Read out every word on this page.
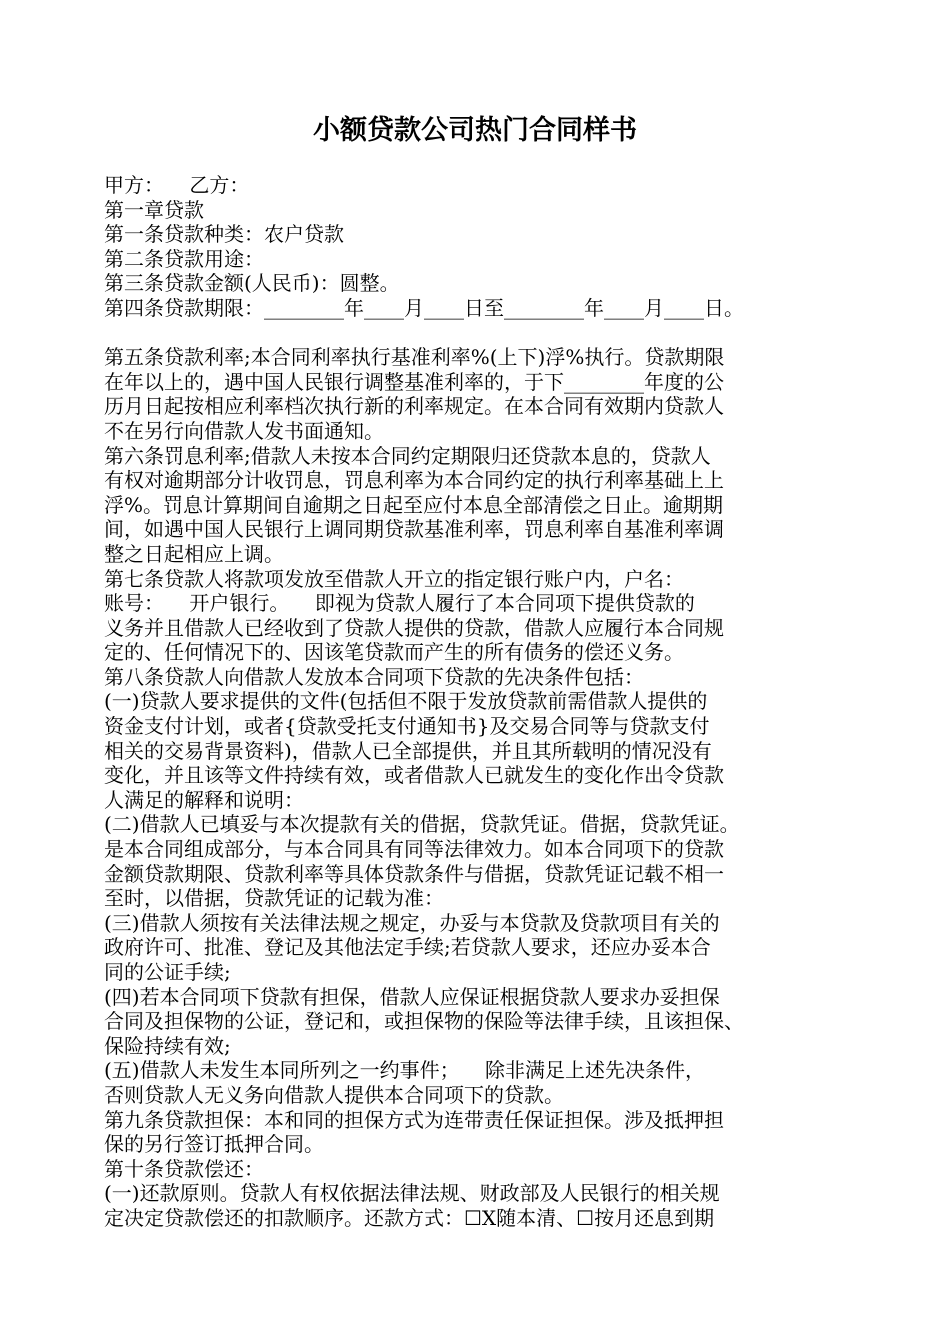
小额贷款公司热门合同样书
甲方：    乙方：
第一章贷款
第一条贷款种类：农户贷款
第二条贷款用途：
第三条贷款金额(人民币)：圆整。
第四条贷款期限：________年____月____日至________年____月____日。
第五条贷款利率;本合同利率执行基准利率%(上下)浮%执行。贷款期限
在年以上的，遇中国人民银行调整基准利率的，于下________年度的公
历月日起按相应利率档次执行新的利率规定。在本合同有效期内贷款人
不在另行向借款人发书面通知。
第六条罚息利率;借款人未按本合同约定期限归还贷款本息的，贷款人
有权对逾期部分计收罚息，罚息利率为本合同约定的执行利率基础上上
浮%。罚息计算期间自逾期之日起至应付本息全部清偿之日止。逾期期
间，如遇中国人民银行上调同期贷款基准利率，罚息利率自基准利率调
整之日起相应上调。
第七条贷款人将款项发放至借款人开立的指定银行账户内，户名：
账号：    开户银行。    即视为贷款人履行了本合同项下提供贷款的
义务并且借款人已经收到了贷款人提供的贷款，借款人应履行本合同规
定的、任何情况下的、因该笔贷款而产生的所有债务的偿还义务。
第八条贷款人向借款人发放本合同项下贷款的先决条件包括：
(一)贷款人要求提供的文件(包括但不限于发放贷款前需借款人提供的
资金支付计划，或者{贷款受托支付通知书}及交易合同等与贷款支付
相关的交易背景资料)，借款人已全部提供，并且其所载明的情况没有
变化，并且该等文件持续有效，或者借款人已就发生的变化作出令贷款
人满足的解释和说明：
(二)借款人已填妥与本次提款有关的借据，贷款凭证。借据，贷款凭证。
是本合同组成部分，与本合同具有同等法律效力。如本合同项下的贷款
金额贷款期限、贷款利率等具体贷款条件与借据，贷款凭证记载不相一
至时，以借据，贷款凭证的记载为准：
(三)借款人须按有关法律法规之规定，办妥与本贷款及贷款项目有关的
政府许可、批准、登记及其他法定手续;若贷款人要求，还应办妥本合
同的公证手续;
(四)若本合同项下贷款有担保，借款人应保证根据贷款人要求办妥担保
合同及担保物的公证，登记和，或担保物的保险等法律手续，且该担保、
保险持续有效;
(五)借款人未发生本同所列之一约事件；    除非满足上述先决条件，
否则贷款人无义务向借款人提供本合同项下的贷款。
第九条贷款担保：本和同的担保方式为连带责任保证担保。涉及抵押担
保的另行签订抵押合同。
第十条贷款偿还：
(一)还款原则。贷款人有权依据法律法规、财政部及人民银行的相关规
定决定贷款偿还的扣款顺序。还款方式：☐X随本清、☐按月还息到期
